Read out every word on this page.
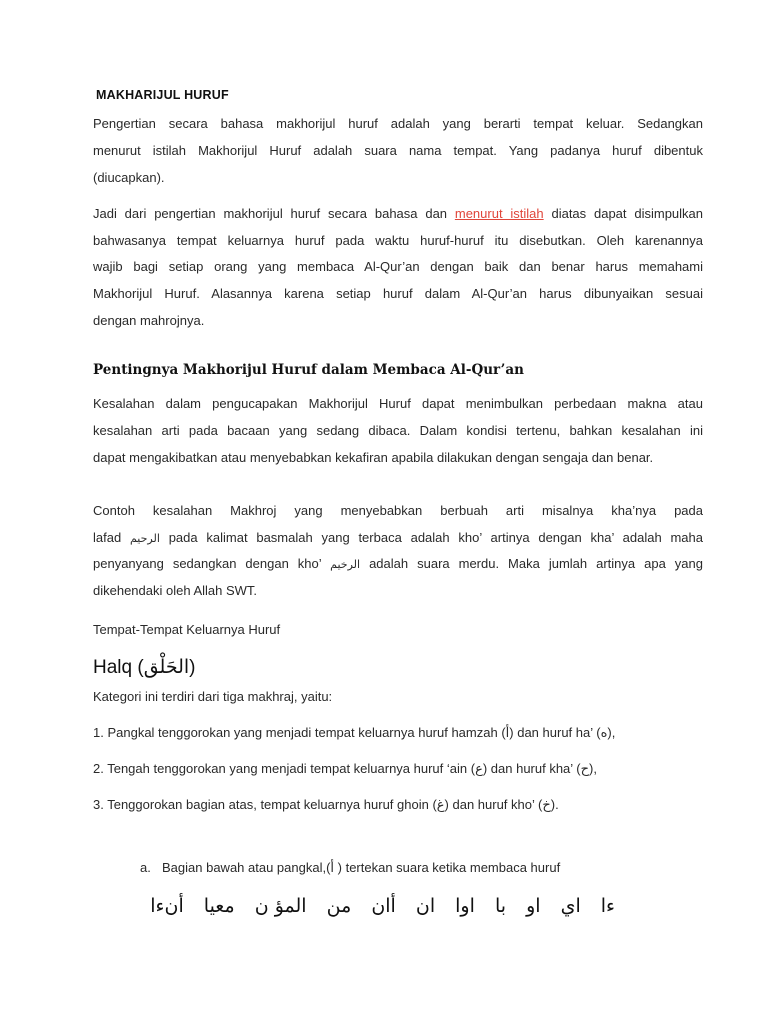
MAKHARIJUL HURUF
Pengertian secara bahasa makhorijul huruf adalah yang berarti tempat keluar. Sedangkan
menurut istilah Makhorijul Huruf adalah suara nama tempat. Yang padanya huruf dibentuk
(diucapkan).
Jadi dari pengertian makhorijul huruf secara bahasa dan menurut istilah diatas dapat disimpulkan
bahwasanya tempat keluarnya huruf pada waktu huruf-huruf itu disebutkan. Oleh karenannya
wajib bagi setiap orang yang membaca Al-Qur’an dengan baik dan benar harus memahami
Makhorijul Huruf. Alasannya karena setiap huruf dalam Al-Qur’an harus dibunyaikan sesuai
dengan mahrojnya.
Pentingnya Makhorijul Huruf dalam Membaca Al-Qur’an
Kesalahan dalam pengucapakan Makhorijul Huruf dapat menimbulkan perbedaan makna atau
kesalahan arti pada bacaan yang sedang dibaca. Dalam kondisi tertenu, bahkan kesalahan ini
dapat mengakibatkan atau menyebabkan kekafiran apabila dilakukan dengan sengaja dan benar.
Contoh kesalahan Makhroj yang menyebabkan berbuah arti misalnya kha’nya pada
lafad الرحيم pada kalimat basmalah yang terbaca adalah kho’ artinya dengan kha’ adalah maha
penyanyang sedangkan dengan kho’ الرخيم adalah suara merdu. Maka jumlah artinya apa yang
dikehendaki oleh Allah SWT.
Tempat-Tempat Keluarnya Huruf
Halq (الحَلْق)
Kategori ini terdiri dari tiga makhraj, yaitu:
1. Pangkal tenggorokan yang menjadi tempat keluarnya huruf hamzah (أ) dan huruf ha’ (ه),
2. Tengah tenggorokan yang menjadi tempat keluarnya huruf ‘ain (ع) dan huruf kha’ (ح),
3. Tenggorokan bagian atas, tempat keluarnya huruf ghoin (غ) dan huruf kho’ (خ).
a. Bagian bawah atau pangkal,(أ ) tertekan suara ketika membaca huruf
ءا اي او با اوا ان أان من المؤ ن معيا أنءا
